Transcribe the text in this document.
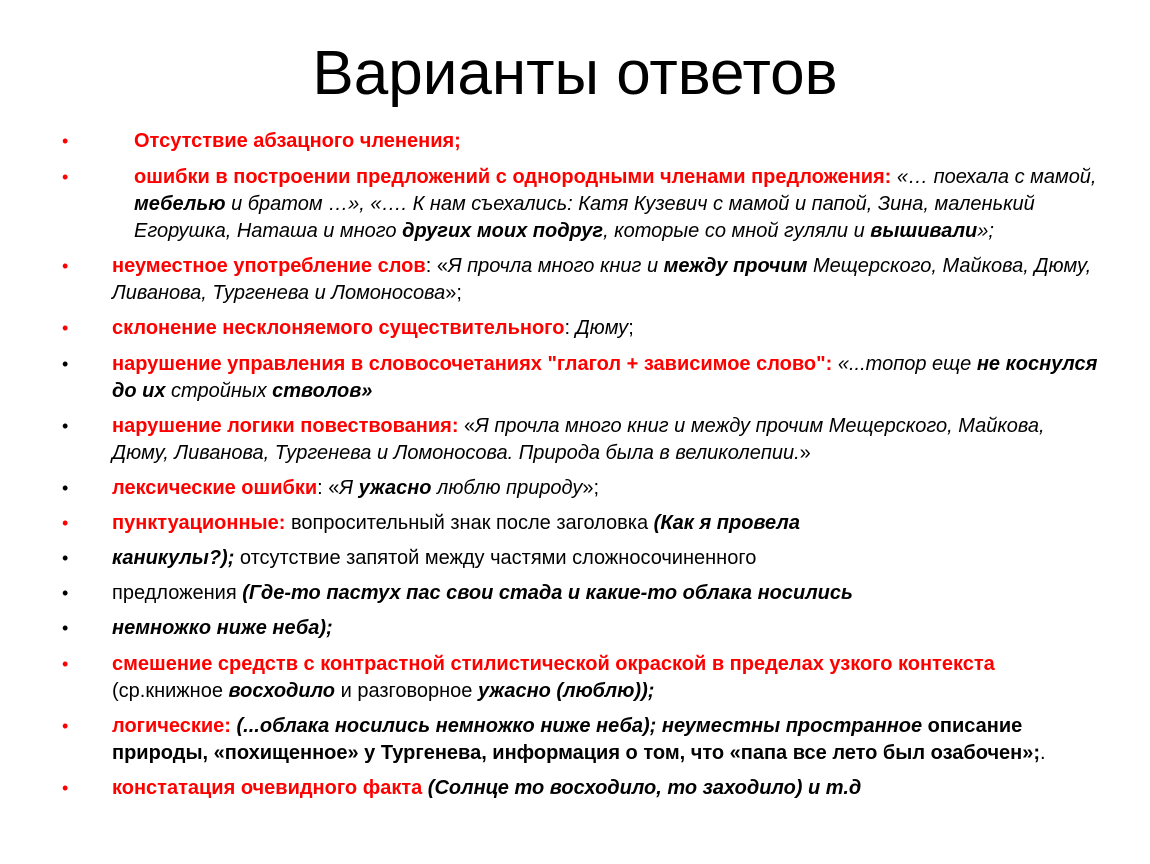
Варианты ответов
•	Отсутствие абзацного членения;
•	ошибки в построении предложений с однородными членами предложения: «… поехала с мамой, мебелью и братом …», «…. К нам съехались: Катя Кузевич с мамой и папой, Зина, маленький Егорушка, Наташа и много других моих подруг, которые со мной гуляли и вышивали»;
•	неуместное употребление слов: «Я прочла много книг и между прочим Мещерского, Майкова, Дюму, Ливанова, Тургенева и Ломоносова»;
•	склонение несклоняемого существительного: Дюму;
•	нарушение управления в словосочетаниях "глагол + зависимое слово": «...топор еще не коснулся до их стройных стволов»
•	нарушение логики повествования: «Я прочла много книг и между прочим Мещерского, Майкова, Дюму, Ливанова, Тургенева и Ломоносова. Природа была в великолепии.»
•	лексические ошибки: «Я ужасно люблю природу»;
•	пунктуационные: вопросительный знак после заголовка (Как я провела
•	каникулы?); отсутствие запятой между частями сложносочиненного
•	предложения (Где-то пастух пас свои стада и какие-то облака носились
•	немножко ниже неба);
•	смешение средств с контрастной стилистической окраской в пределах узкого контекста (ср.книжное восходило и разговорное ужасно (люблю));
•	логические: (...облака носились немножко ниже неба); неуместны пространное описание природы, «похищенное» у Тургенева, информация о том, что «папа все лето был озабочен»;.
•	констатация очевидного факта (Солнце то восходило, то заходило) и т.д
